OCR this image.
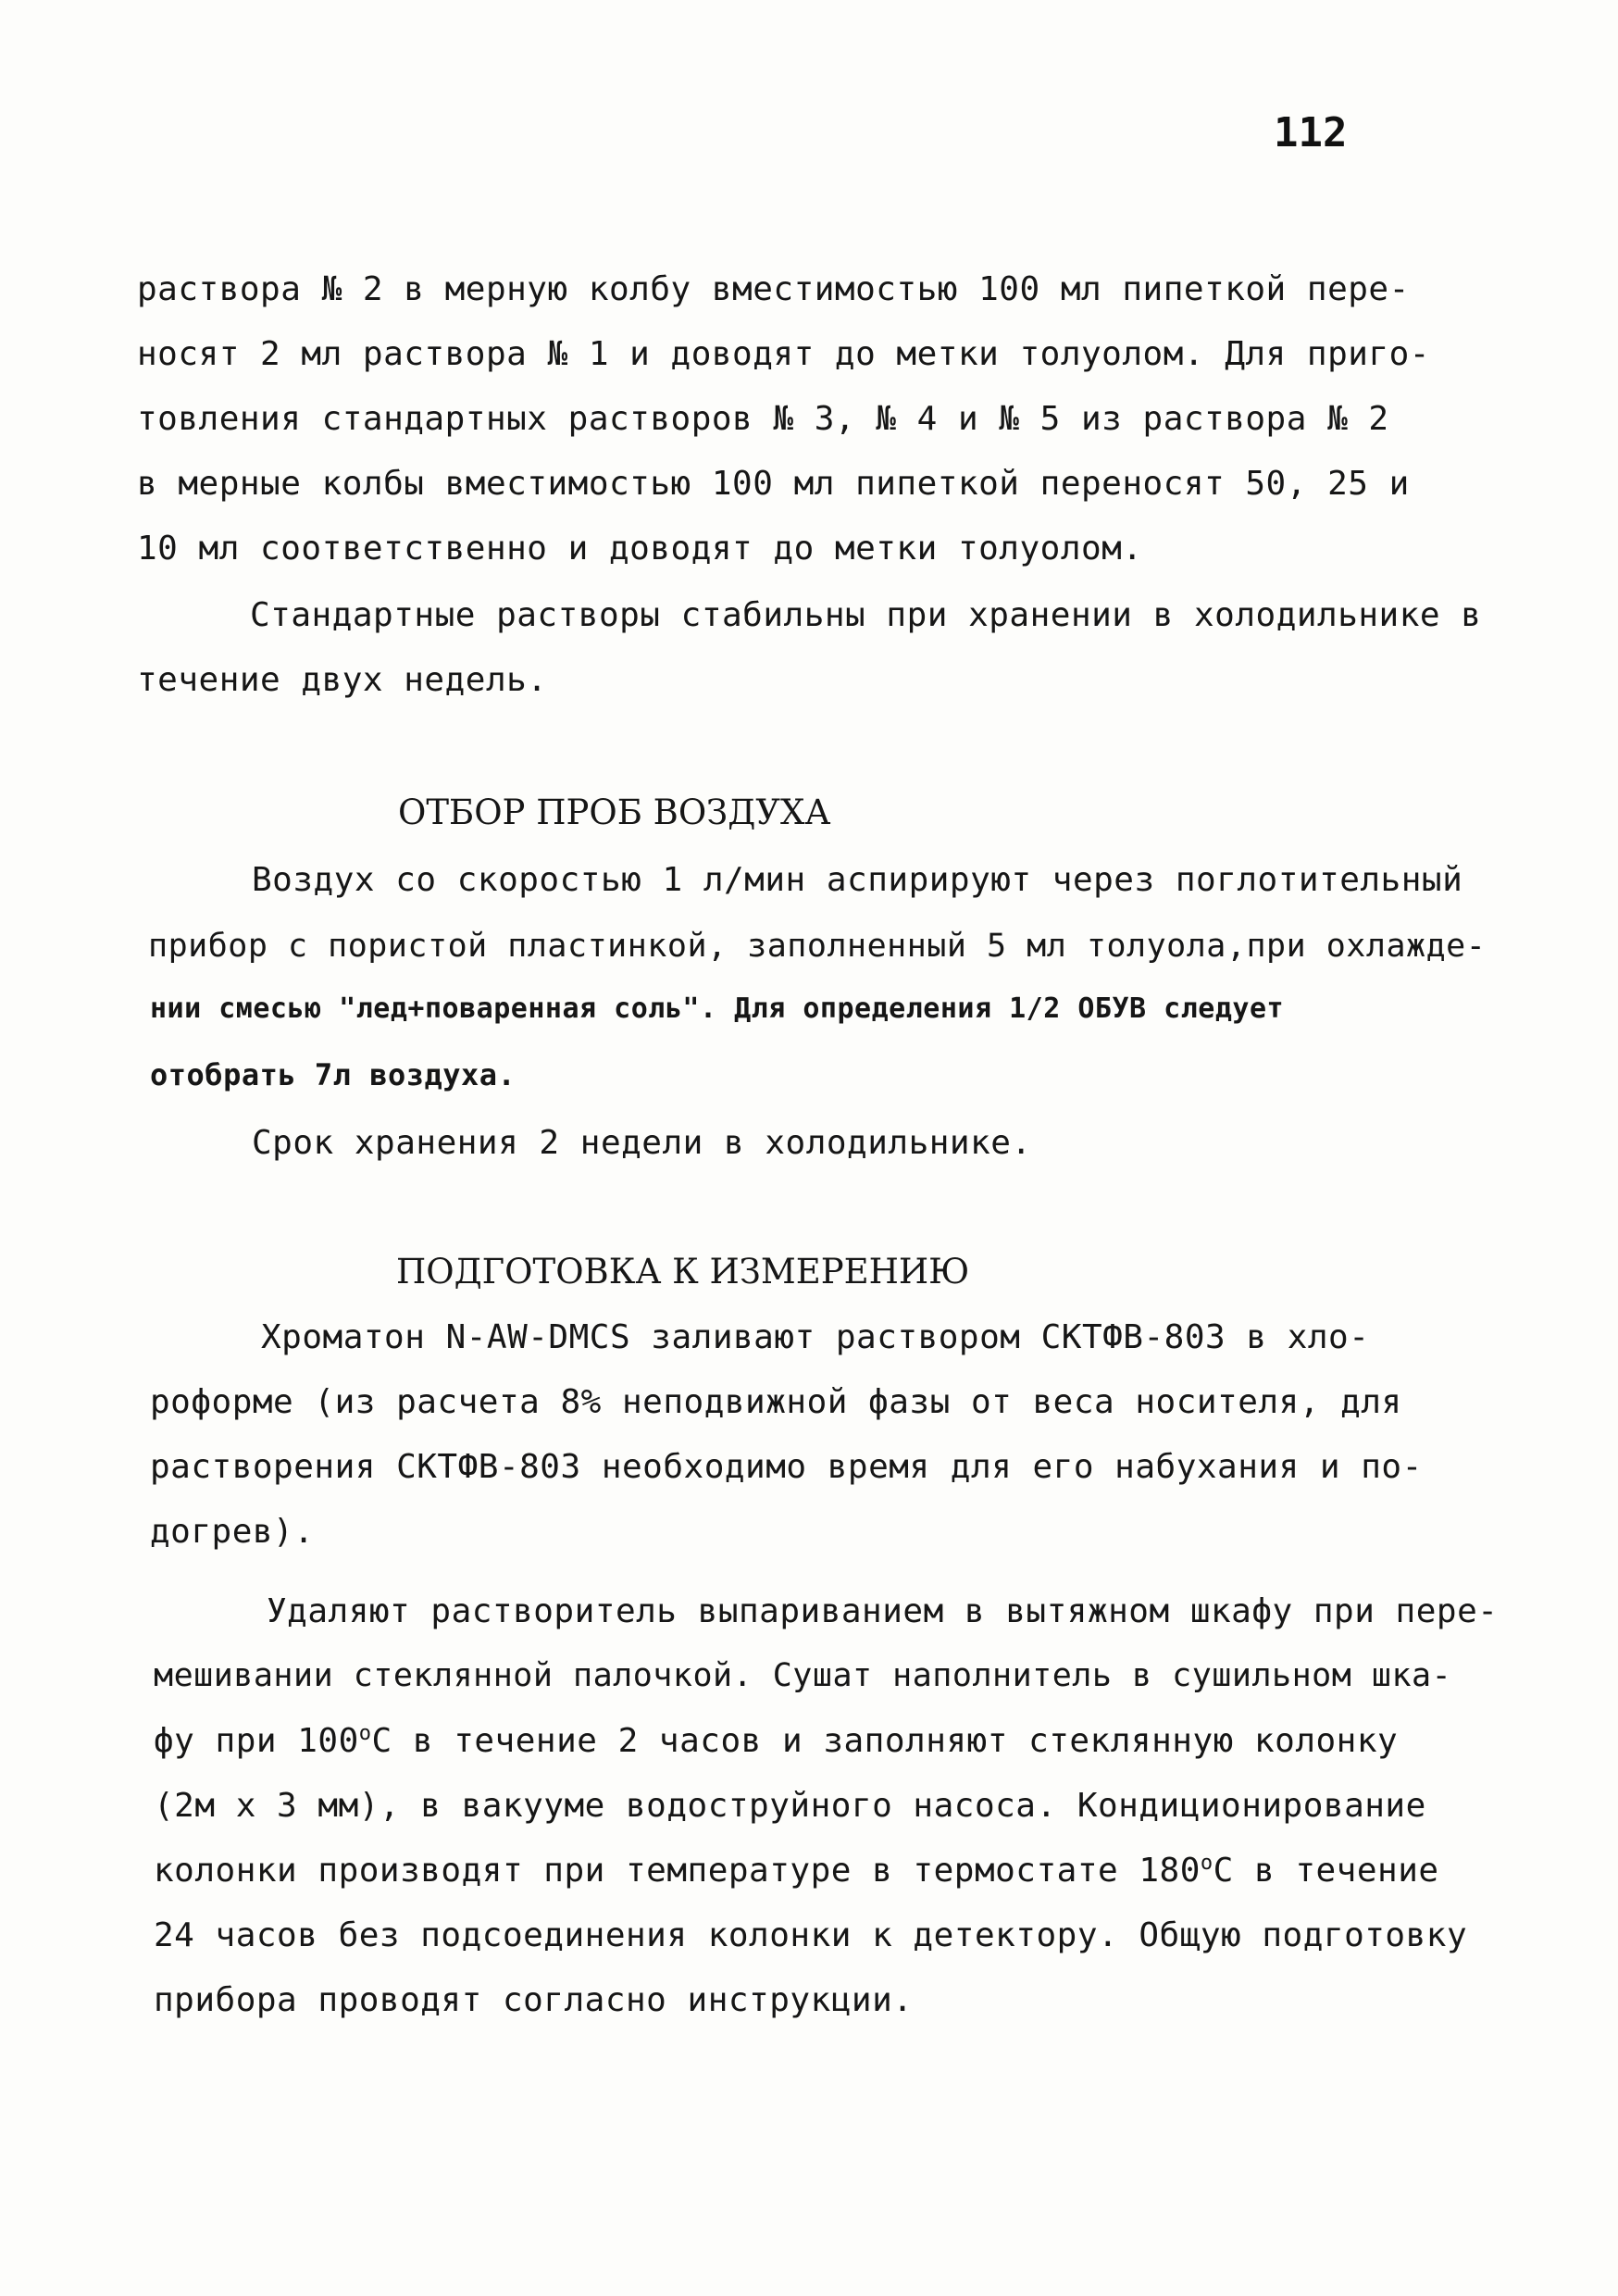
112
раствора № 2 в мерную колбу вместимостью 100 мл пипеткой пере-
носят 2 мл раствора № 1 и доводят до метки толуолом. Для приго-
товления стандартных растворов № 3, № 4 и № 5 из раствора № 2
в мерные колбы вместимостью 100 мл пипеткой переносят 50, 25 и
10 мл соответственно и доводят до метки толуолом.
Стандартные растворы стабильны при хранении в холодильнике в
течение двух недель.
ОТБОР ПРОБ ВОЗДУХА
Воздух со скоростью 1 л/мин аспирируют через поглотительный
прибор с пористой пластинкой, заполненный 5 мл толуола,при охлажде-
нии смесью "лед+поваренная соль". Для определения 1/2 ОБУВ следует
отобрать 7л воздуха.
Срок хранения 2 недели в холодильнике.
ПОДГОТОВКА К ИЗМЕРЕНИЮ
Хроматон N-AW-DMCS заливают раствором СКТФВ-803 в хло-
роформе (из расчета 8% неподвижной фазы от веса носителя, для
растворения СКТФВ-803 необходимо время для его набухания и по-
догрев).
Удаляют растворитель выпариванием в вытяжном шкафу при пере-
мешивании стеклянной палочкой. Сушат наполнитель в сушильном шка-
фу при $100^оС$ в течение 2 часов и заполняют стеклянную колонку
(2м х 3 мм), в вакууме водоструйного насоса. Кондиционирование
колонки производят при температуре в термостате $180^оС$ в течение
24 часов без подсоединения колонки к детектору. Общую подготовку
прибора проводят согласно инструкции.
